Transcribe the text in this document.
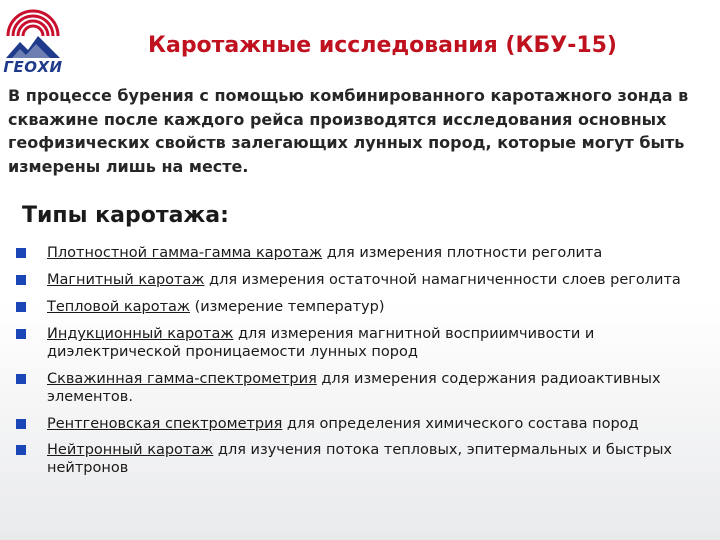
ГЕОХИ
Каротажные исследования (КБУ-15)

В процессе бурения с помощью комбинированного каротажного зонда в скважине после каждого рейса производятся исследования основных геофизических свойств залегающих лунных пород, которые могут быть измерены лишь на месте.

Типы каротажа:
Плотностной гамма-гамма каротаж для измерения плотности реголита
Магнитный каротаж для измерения остаточной намагниченности слоев реголита
Тепловой каротаж (измерение температур)
Индукционный каротаж для измерения магнитной восприимчивости и диэлектрической проницаемости лунных пород
Скважинная гамма-спектрометрия для измерения содержания радиоактивных элементов.
Рентгеновская спектрометрия для определения химического состава пород
Нейтронный каротаж для изучения потока тепловых, эпитермальных и быстрых нейтронов
